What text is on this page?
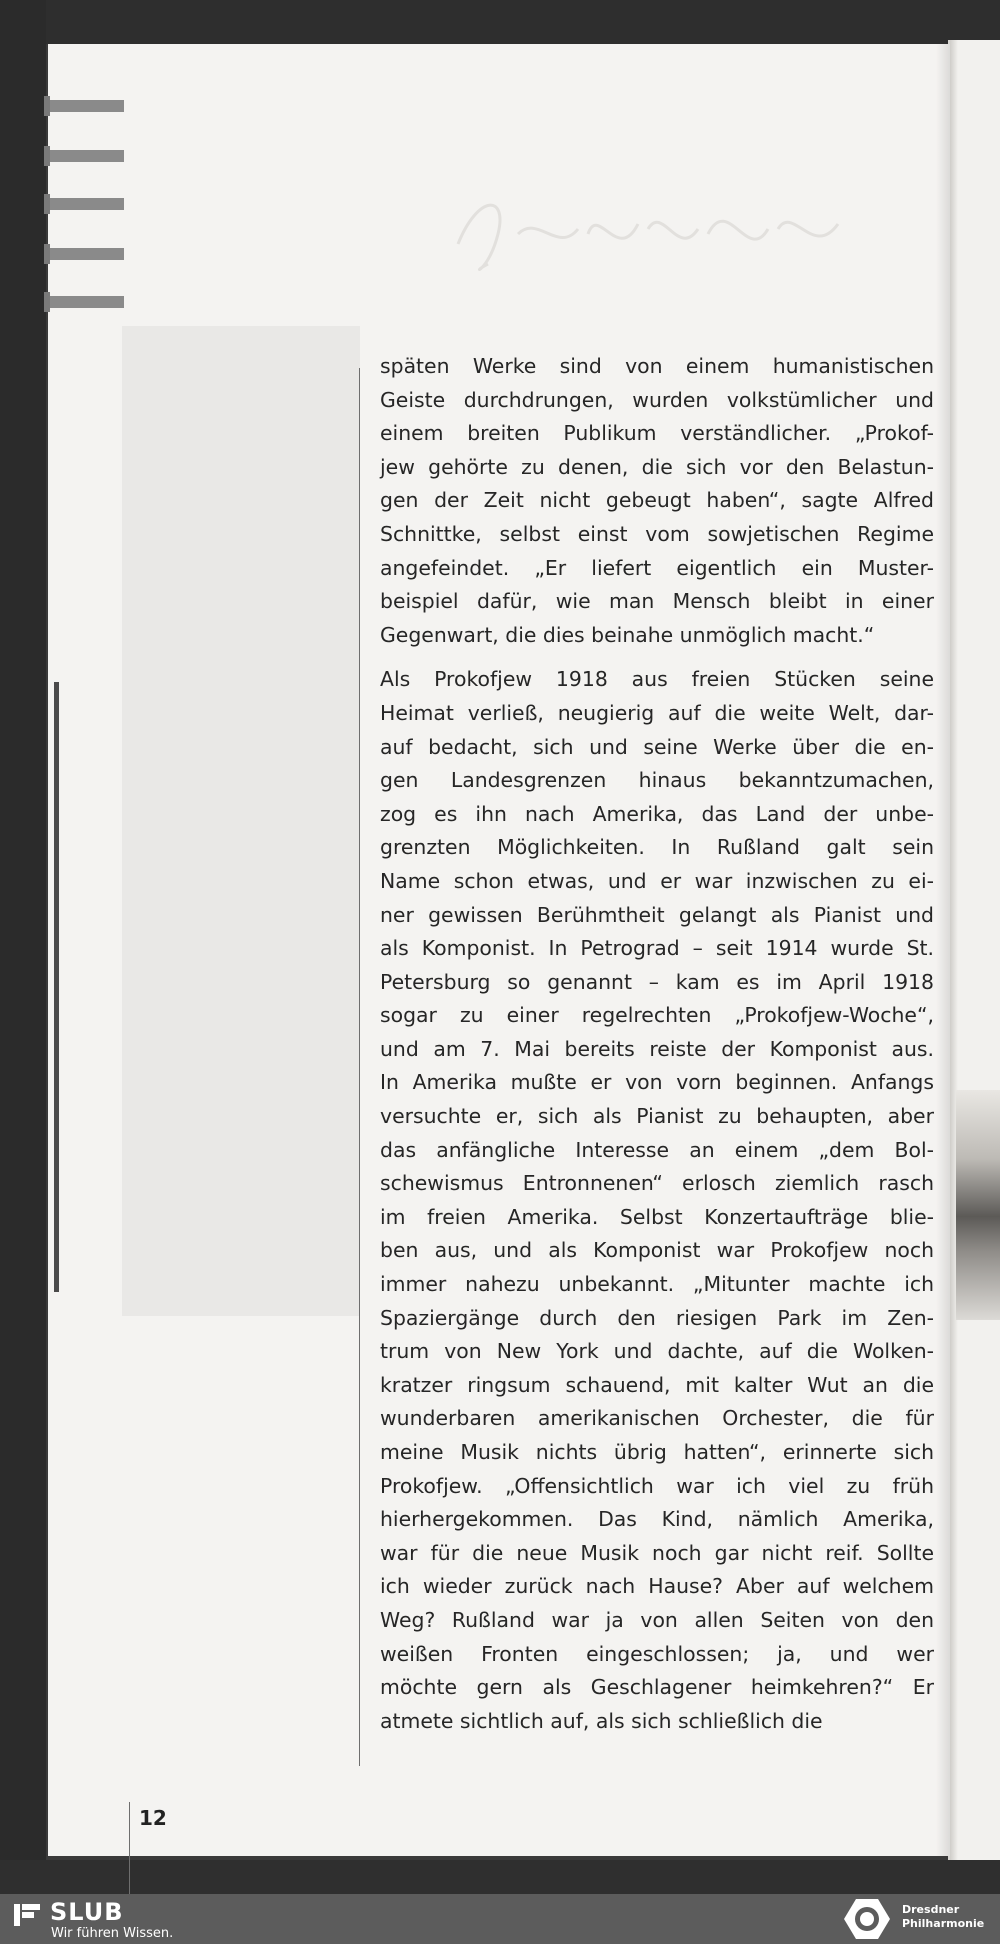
späten Werke sind von einem humanistischen
Geiste durchdrungen, wurden volkstümlicher und
einem breiten Publikum verständlicher. „Prokof-
jew gehörte zu denen, die sich vor den Belastun-
gen der Zeit nicht gebeugt haben“, sagte Alfred
Schnittke, selbst einst vom sowjetischen Regime
angefeindet. „Er liefert eigentlich ein Muster-
beispiel dafür, wie man Mensch bleibt in einer
Gegenwart, die dies beinahe unmöglich macht.“

Als Prokofjew 1918 aus freien Stücken seine
Heimat verließ, neugierig auf die weite Welt, dar-
auf bedacht, sich und seine Werke über die en-
gen Landesgrenzen hinaus bekanntzumachen,
zog es ihn nach Amerika, das Land der unbe-
grenzten Möglichkeiten. In Rußland galt sein
Name schon etwas, und er war inzwischen zu ei-
ner gewissen Berühmtheit gelangt als Pianist und
als Komponist. In Petrograd – seit 1914 wurde St.
Petersburg so genannt – kam es im April 1918
sogar zu einer regelrechten „Prokofjew-Woche“,
und am 7. Mai bereits reiste der Komponist aus.
In Amerika mußte er von vorn beginnen. Anfangs
versuchte er, sich als Pianist zu behaupten, aber
das anfängliche Interesse an einem „dem Bol-
schewismus Entronnenen“ erlosch ziemlich rasch
im freien Amerika. Selbst Konzertaufträge blie-
ben aus, und als Komponist war Prokofjew noch
immer nahezu unbekannt. „Mitunter machte ich
Spaziergänge durch den riesigen Park im Zen-
trum von New York und dachte, auf die Wolken-
kratzer ringsum schauend, mit kalter Wut an die
wunderbaren amerikanischen Orchester, die für
meine Musik nichts übrig hatten“, erinnerte sich
Prokofjew. „Offensichtlich war ich viel zu früh
hierhergekommen. Das Kind, nämlich Amerika,
war für die neue Musik noch gar nicht reif. Sollte
ich wieder zurück nach Hause? Aber auf welchem
Weg? Rußland war ja von allen Seiten von den
weißen Fronten eingeschlossen; ja, und wer
möchte gern als Geschlagener heimkehren?“ Er
atmete sichtlich auf, als sich schließlich die

12
SLUB
Wir führen Wissen.
Dresdner
Philharmonie
